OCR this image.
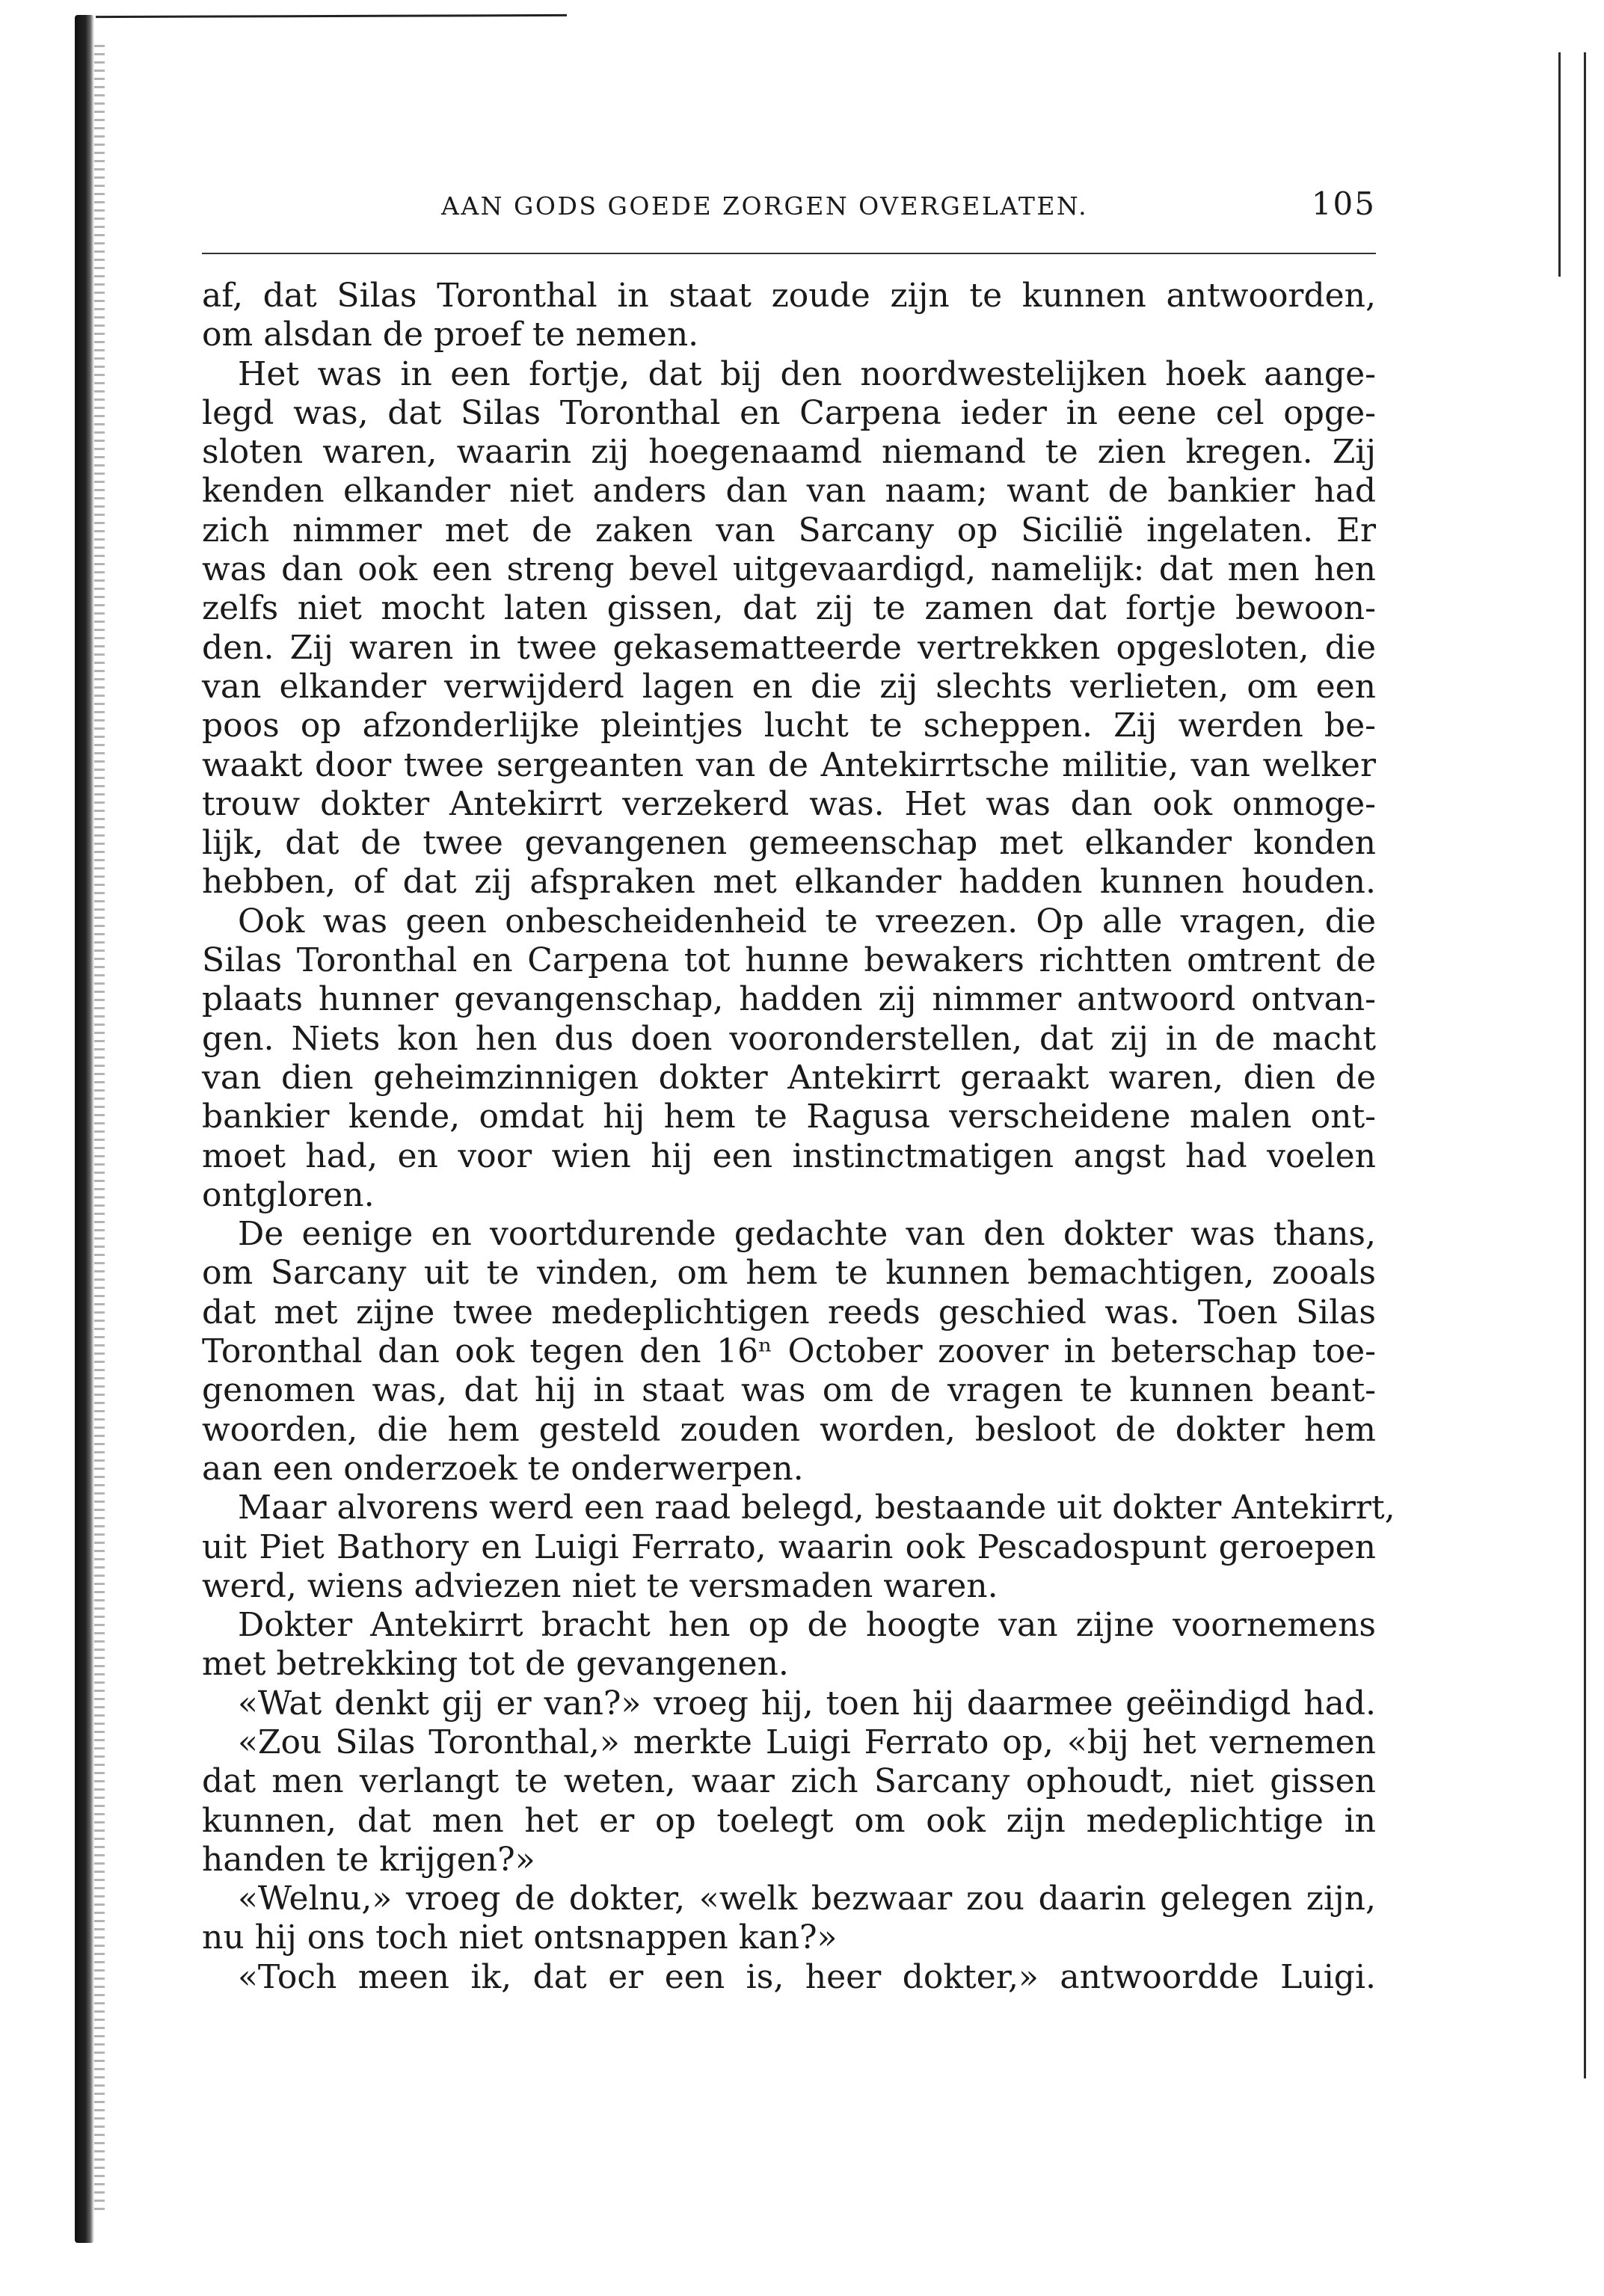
AAN GODS GOEDE ZORGEN OVERGELATEN.	105
af, dat Silas Toronthal in staat zoude zijn te kunnen antwoorden,
om alsdan de proef te nemen.
Het was in een fortje, dat bij den noordwestelijken hoek aange-
legd was, dat Silas Toronthal en Carpena ieder in eene cel opge-
sloten waren, waarin zij hoegenaamd niemand te zien kregen. Zij
kenden elkander niet anders dan van naam; want de bankier had
zich nimmer met de zaken van Sarcany op Sicilië ingelaten. Er
was dan ook een streng bevel uitgevaardigd, namelijk: dat men hen
zelfs niet mocht laten gissen, dat zij te zamen dat fortje bewoon-
den. Zij waren in twee gekasematteerde vertrekken opgesloten, die
van elkander verwijderd lagen en die zij slechts verlieten, om een
poos op afzonderlijke pleintjes lucht te scheppen. Zij werden be-
waakt door twee sergeanten van de Antekirrtsche militie, van welker
trouw dokter Antekirrt verzekerd was. Het was dan ook onmoge-
lijk, dat de twee gevangenen gemeenschap met elkander konden
hebben, of dat zij afspraken met elkander hadden kunnen houden.
Ook was geen onbescheidenheid te vreezen. Op alle vragen, die
Silas Toronthal en Carpena tot hunne bewakers richtten omtrent de
plaats hunner gevangenschap, hadden zij nimmer antwoord ontvan-
gen. Niets kon hen dus doen vooronderstellen, dat zij in de macht
van dien geheimzinnigen dokter Antekirrt geraakt waren, dien de
bankier kende, omdat hij hem te Ragusa verscheidene malen ont-
moet had, en voor wien hij een instinctmatigen angst had voelen
ontgloren.
De eenige en voortdurende gedachte van den dokter was thans,
om Sarcany uit te vinden, om hem te kunnen bemachtigen, zooals
dat met zijne twee medeplichtigen reeds geschied was. Toen Silas
Toronthal dan ook tegen den 16ⁿ October zoover in beterschap toe-
genomen was, dat hij in staat was om de vragen te kunnen beant-
woorden, die hem gesteld zouden worden, besloot de dokter hem
aan een onderzoek te onderwerpen.
Maar alvorens werd een raad belegd, bestaande uit dokter Antekirrt,
uit Piet Bathory en Luigi Ferrato, waarin ook Pescadospunt geroepen
werd, wiens adviezen niet te versmaden waren.
Dokter Antekirrt bracht hen op de hoogte van zijne voornemens
met betrekking tot de gevangenen.
«Wat denkt gij er van?» vroeg hij, toen hij daarmee geëindigd had.
«Zou Silas Toronthal,» merkte Luigi Ferrato op, «bij het vernemen
dat men verlangt te weten, waar zich Sarcany ophoudt, niet gissen
kunnen, dat men het er op toelegt om ook zijn medeplichtige in
handen te krijgen?»
«Welnu,» vroeg de dokter, «welk bezwaar zou daarin gelegen zijn,
nu hij ons toch niet ontsnappen kan?»
«Toch meen ik, dat er een is, heer dokter,» antwoordde Luigi.
